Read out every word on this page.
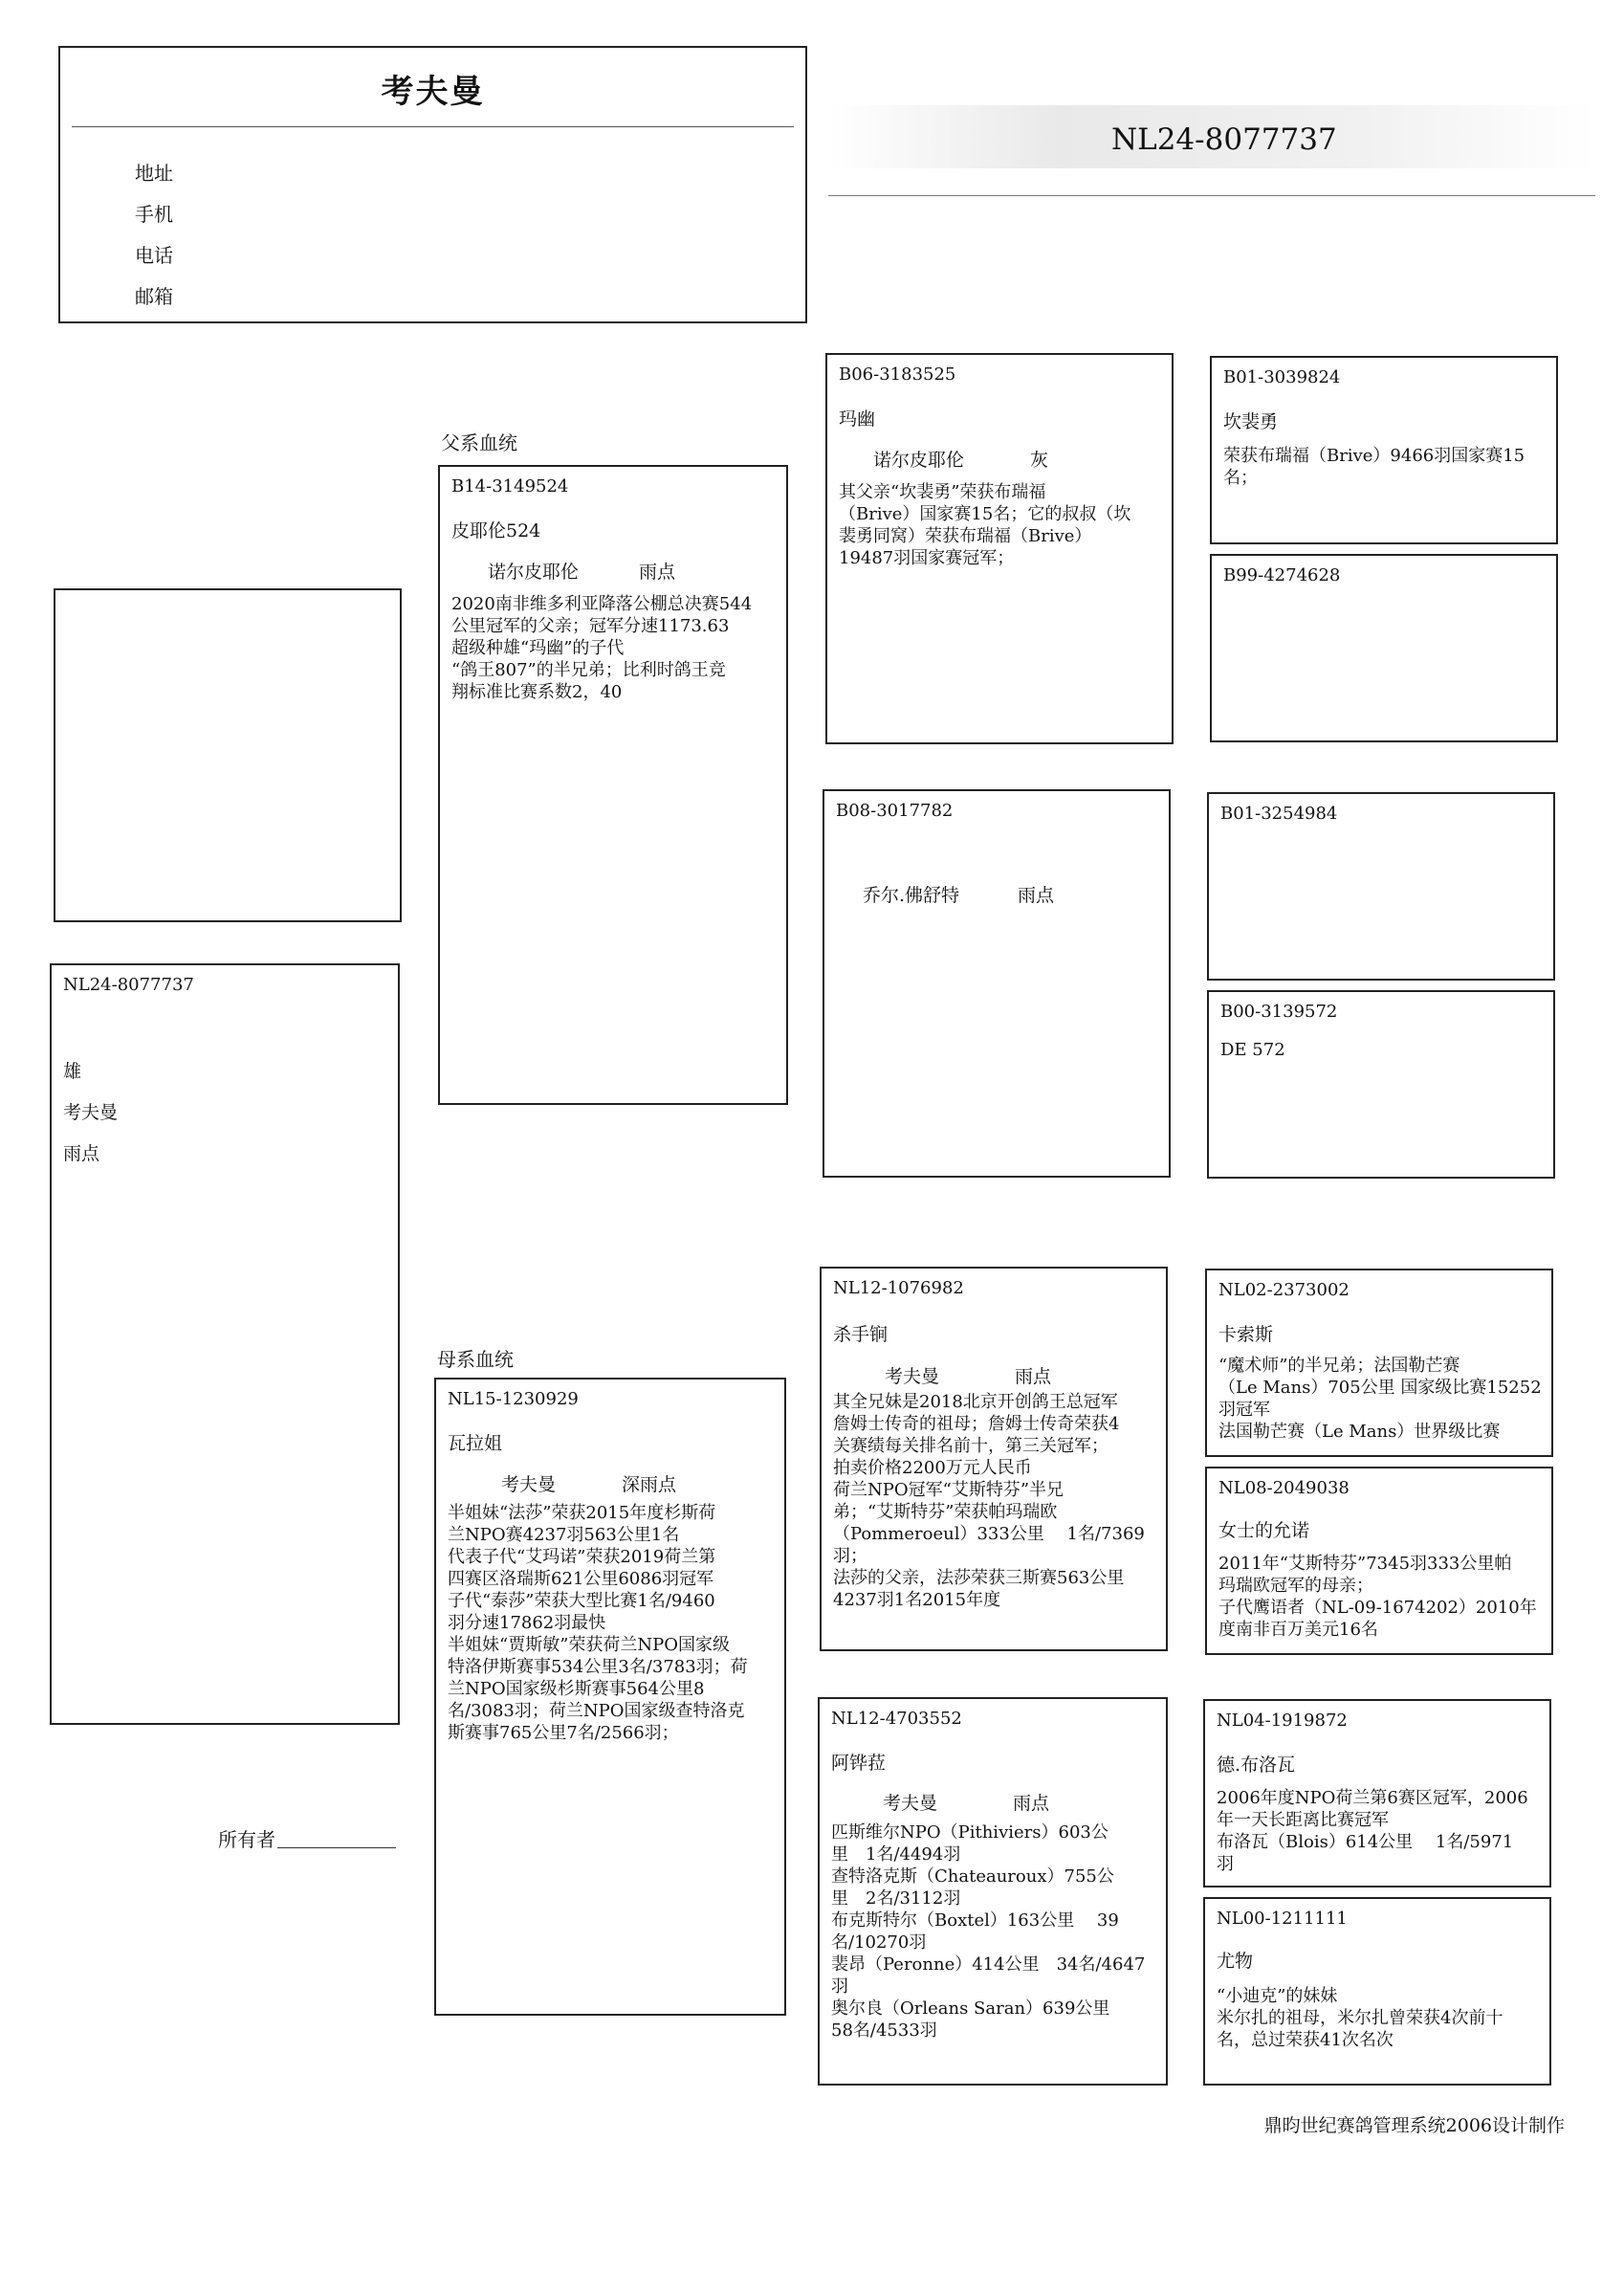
考夫曼
地址
手机
电话
邮箱
NL24-8077737
父系血统
母系血统
NL24-8077737
雄
考夫曼
雨点
B14-3149524
皮耶伦524
诺尔皮耶伦	雨点
2020南非维多利亚降落公棚总决赛544
公里冠军的父亲；冠军分速1173.63
超级种雄“玛幽”的子代
“鸽王807”的半兄弟；比利时鸽王竞
翔标准比赛系数2，40
NL15-1230929
瓦拉姐
考夫曼	深雨点
半姐妹“法莎”荣获2015年度杉斯荷
兰NPO赛4237羽563公里1名
代表子代“艾玛诺”荣获2019荷兰第
四赛区洛瑞斯621公里6086羽冠军
子代“泰莎”荣获大型比赛1名/9460
羽分速17862羽最快
半姐妹“贾斯敏”荣获荷兰NPO国家级
特洛伊斯赛事534公里3名/3783羽；荷
兰NPO国家级杉斯赛事564公里8
名/3083羽；荷兰NPO国家级查特洛克
斯赛事765公里7名/2566羽；
B06-3183525
玛幽
诺尔皮耶伦	灰
其父亲“坎裴勇”荣获布瑞福
（Brive）国家赛15名；它的叔叔（坎
裴勇同窝）荣获布瑞福（Brive）
19487羽国家赛冠军；
B08-3017782
乔尔.佛舒特	雨点
NL12-1076982
杀手锏
考夫曼	雨点
其全兄妹是2018北京开创鸽王总冠军
詹姆士传奇的祖母；詹姆士传奇荣获4
关赛绩每关排名前十，第三关冠军；
拍卖价格2200万元人民币
荷兰NPO冠军“艾斯特芬”半兄
弟；“艾斯特芬”荣获帕玛瑞欧
（Pommeroeul）333公里　 1名/7369
羽；
法莎的父亲，法莎荣获三斯赛563公里
4237羽1名2015年度
NL12-4703552
阿铧菈
考夫曼	雨点
匹斯维尔NPO（Pithiviers）603公
里　1名/4494羽
查特洛克斯（Chateauroux）755公
里　2名/3112羽
布克斯特尔（Boxtel）163公里　 39
名/10270羽
裴昂（Peronne）414公里　34名/4647
羽
奥尔良（Orleans Saran）639公里
58名/4533羽
B01-3039824
坎裴勇
荣获布瑞福（Brive）9466羽国家赛15
名；
B99-4274628
B01-3254984
B00-3139572
DE 572
NL02-2373002
卡索斯
“魔术师”的半兄弟；法国勒芒赛
（Le Mans）705公里 国家级比赛15252
羽冠军
法国勒芒赛（Le Mans）世界级比赛
NL08-2049038
女士的允诺
2011年“艾斯特芬”7345羽333公里帕
玛瑞欧冠军的母亲；
子代鹰语者（NL-09-1674202）2010年
度南非百万美元16名
NL04-1919872
德.布洛瓦
2006年度NPO荷兰第6赛区冠军，2006
年一天长距离比赛冠军
布洛瓦（Blois）614公里　 1名/5971
羽
NL00-1211111
尤物
“小迪克”的妹妹
米尔扎的祖母，米尔扎曾荣获4次前十
名，总过荣获41次名次
所有者
鼎昀世纪赛鸽管理系统2006设计制作
